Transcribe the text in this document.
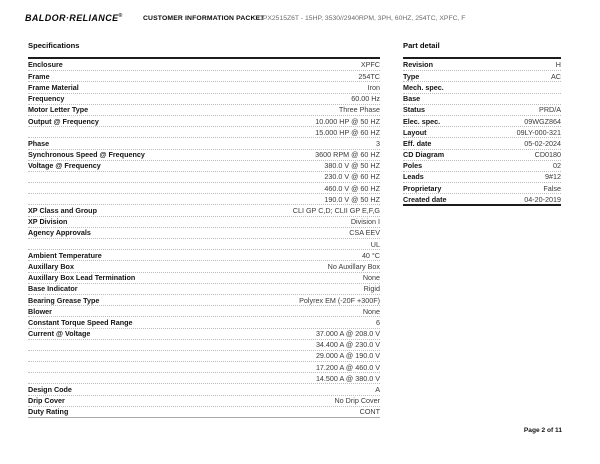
BALDOR·RELIANCE®	CUSTOMER INFORMATION PACKET
CCPX2515Z6T - 15HP, 3530//2940RPM, 3PH, 60HZ, 254TC, XPFC, F
Specifications	Part detail
Enclosure	XPFC
Frame	254TC
Frame Material	Iron
Frequency	60.00 Hz
Motor Letter Type	Three Phase
Output @ Frequency	10.000 HP @ 50 HZ
15.000 HP @ 60 HZ
Phase	3
Synchronous Speed @ Frequency	3600 RPM @ 60 HZ
Voltage @ Frequency	380.0 V @ 50 HZ
230.0 V @ 60 HZ
460.0 V @ 60 HZ
190.0 V @ 50 HZ
XP Class and Group	CLI GP C,D; CLII GP E,F,G
XP Division	Division I
Agency Approvals	CSA EEV
UL
Ambient Temperature	40 °C
Auxillary Box	No Auxillary Box
Auxillary Box Lead Termination	None
Base Indicator	Rigid
Bearing Grease Type	Polyrex EM (-20F +300F)
Blower	None
Constant Torque Speed Range	6
Current @ Voltage	37.000 A @ 208.0 V
34.400 A @ 230.0 V
29.000 A @ 190.0 V
17.200 A @ 460.0 V
14.500 A @ 380.0 V
Design Code	A
Drip Cover	No Drip Cover
Duty Rating	CONT
Revision	H
Type	AC
Mech. spec.
Base
Status	PRD/A
Elec. spec.	09WGZ864
Layout	09LY-000-321
Eff. date	05-02-2024
CD Diagram	CD0180
Poles	02
Leads	9#12
Proprietary	False
Created date	04-20-2019
Page 2 of 11
